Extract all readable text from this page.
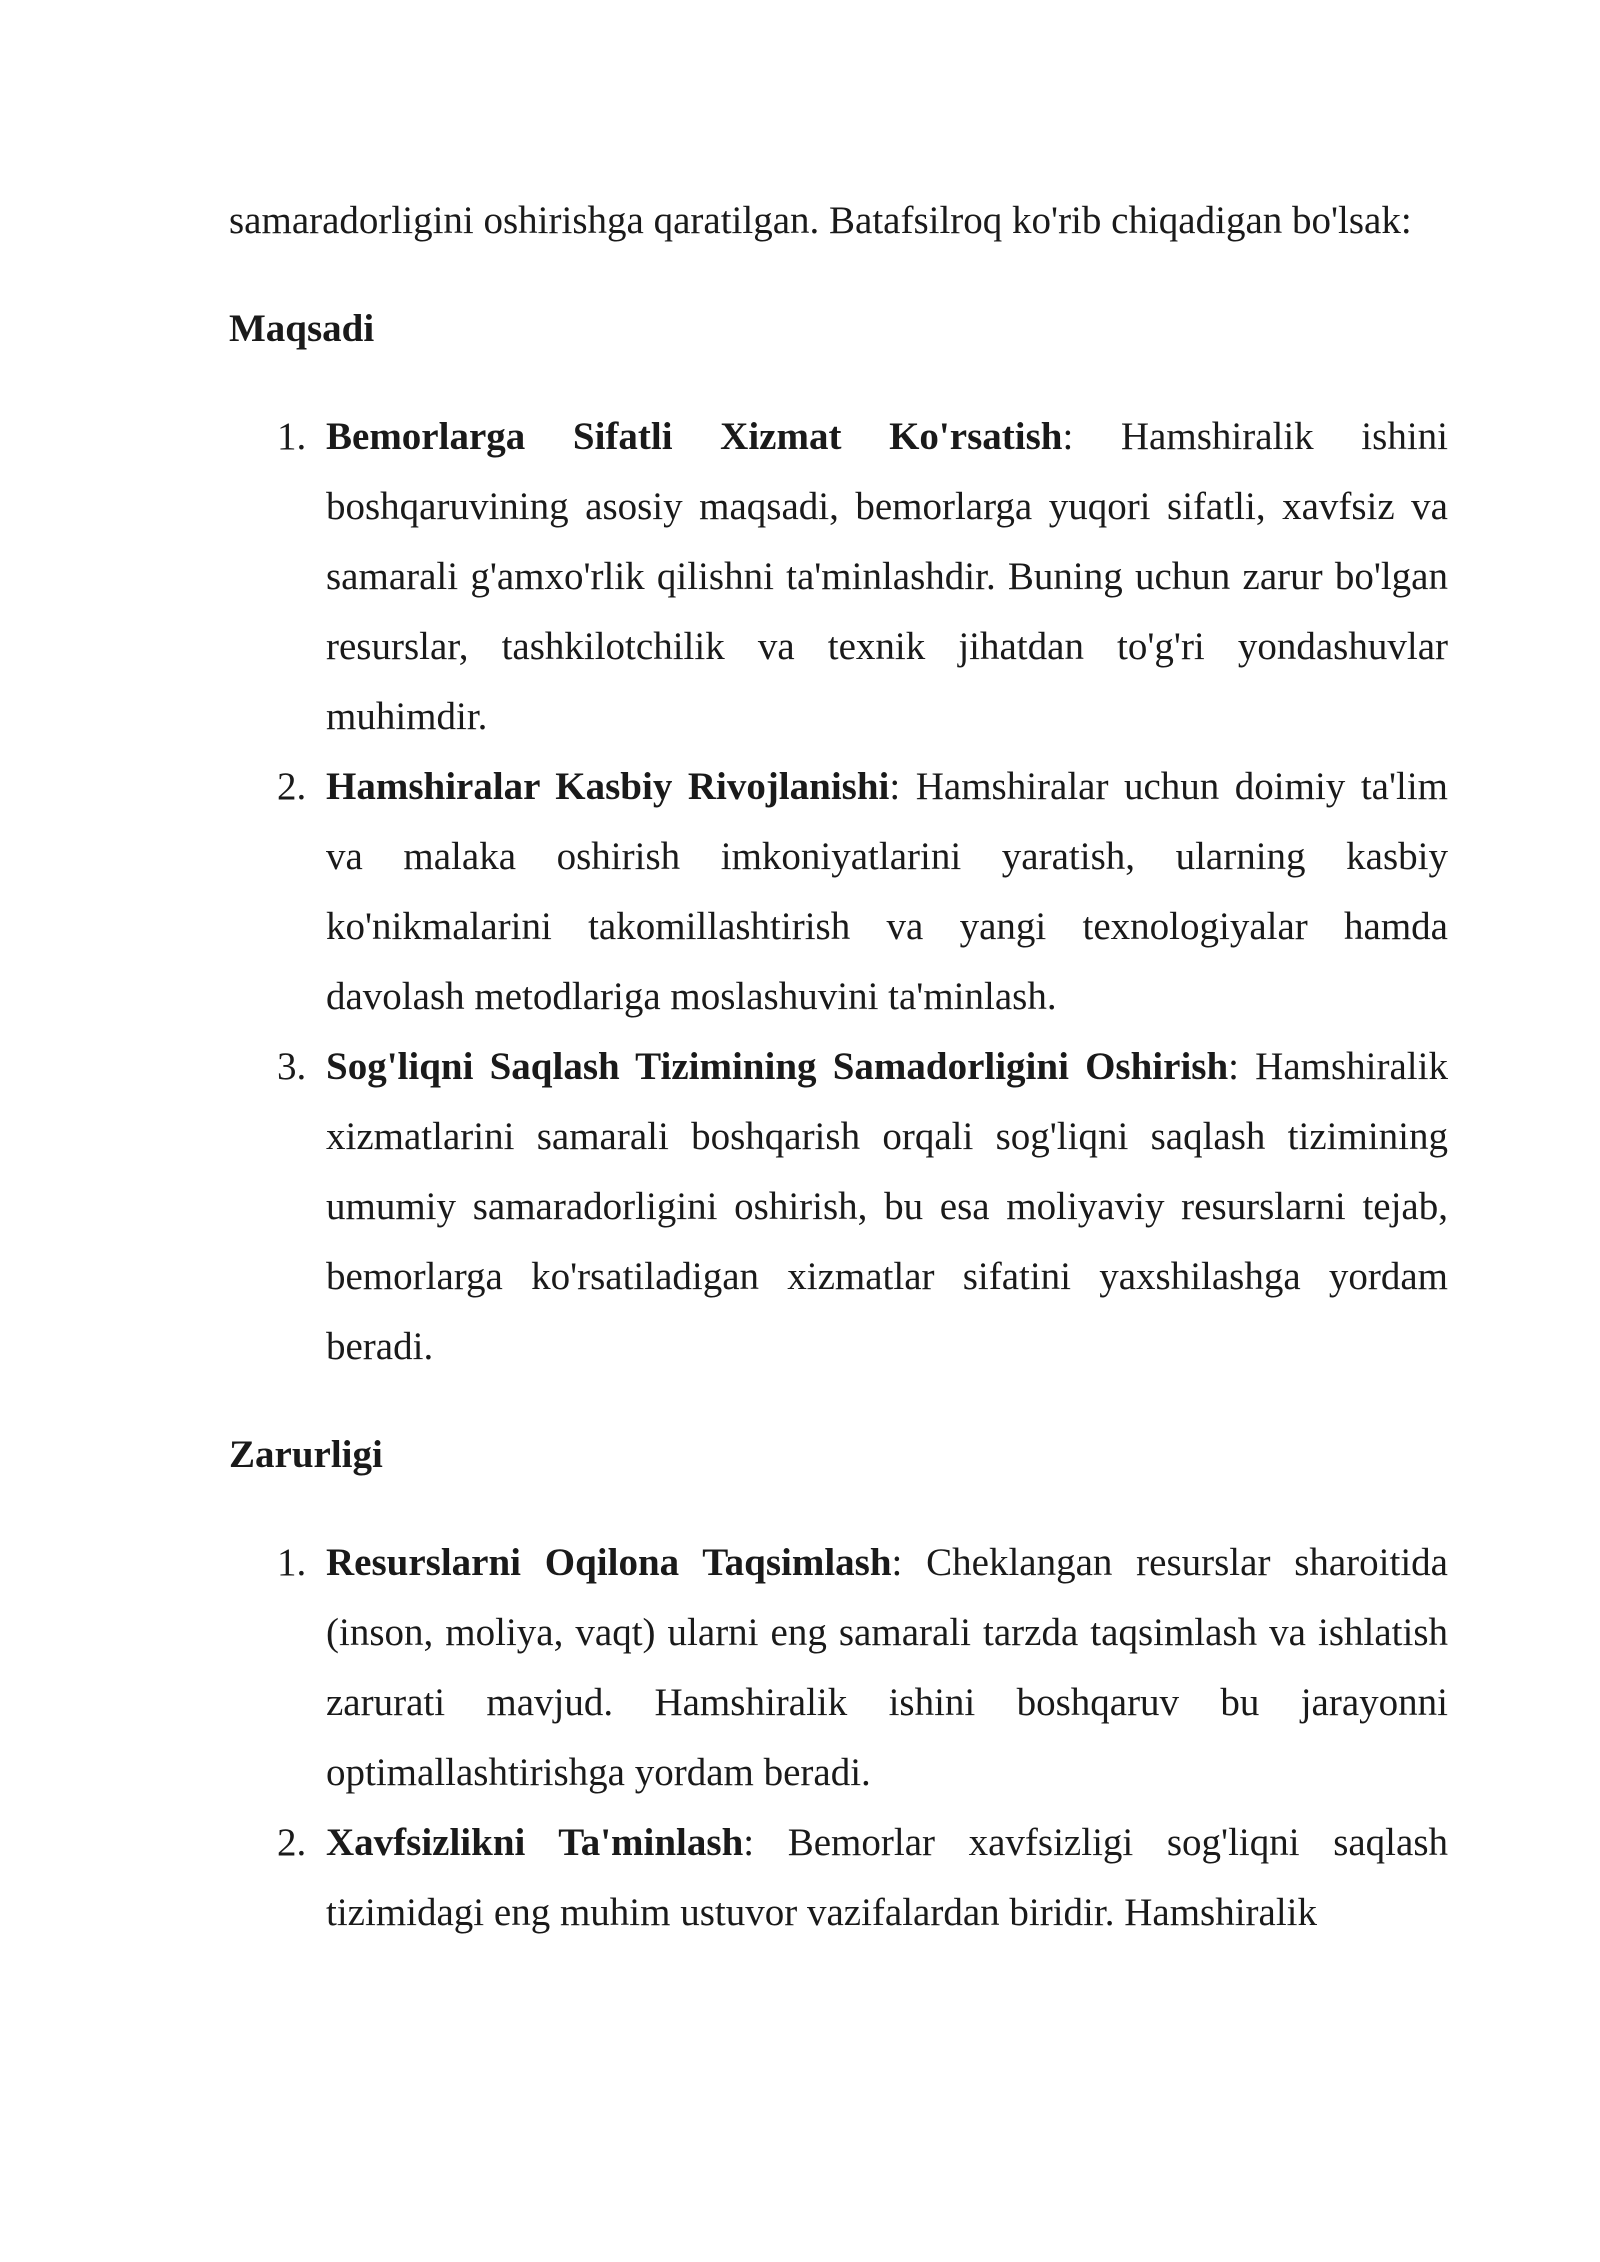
samaradorligini oshirishga qaratilgan. Batafsilroq ko'rib chiqadigan bo'lsak:

Maqsadi
1. Bemorlarga Sifatli Xizmat Ko'rsatish: Hamshiralik ishini boshqaruvining asosiy maqsadi, bemorlarga yuqori sifatli, xavfsiz va samarali g'amxo'rlik qilishni ta'minlashdir. Buning uchun zarur bo'lgan resurslar, tashkilotchilik va texnik jihatdan to'g'ri yondashuvlar muhimdir.
2. Hamshiralar Kasbiy Rivojlanishi: Hamshiralar uchun doimiy ta'lim va malaka oshirish imkoniyatlarini yaratish, ularning kasbiy ko'nikmalarini takomillashtirish va yangi texnologiyalar hamda davolash metodlariga moslashuvini ta'minlash.
3. Sog'liqni Saqlash Tizimining Samadorligini Oshirish: Hamshiralik xizmatlarini samarali boshqarish orqali sog'liqni saqlash tizimining umumiy samaradorligini oshirish, bu esa moliyaviy resurslarni tejab, bemorlarga ko'rsatiladigan xizmatlar sifatini yaxshilashga yordam beradi.
Zarurligi
1. Resurslarni Oqilona Taqsimlash: Cheklangan resurslar sharoitida (inson, moliya, vaqt) ularni eng samarali tarzda taqsimlash va ishlatish zarurati mavjud. Hamshiralik ishini boshqaruv bu jarayonni optimallashtirishga yordam beradi.
2. Xavfsizlikni Ta'minlash: Bemorlar xavfsizligi sog'liqni saqlash tizimidagi eng muhim ustuvor vazifalardan biridir. Hamshiralik
